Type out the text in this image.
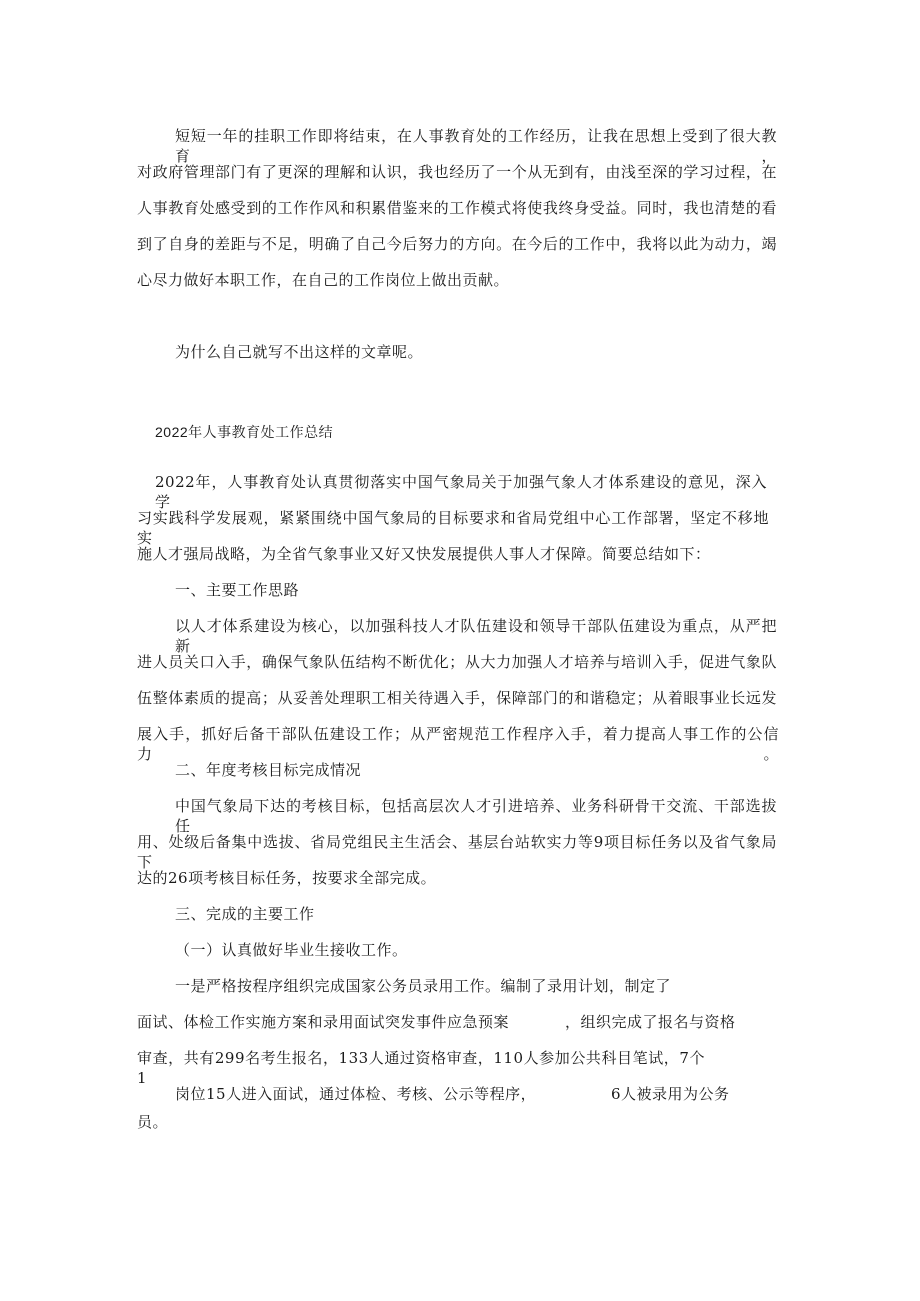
短短一年的挂职工作即将结束，在人事教育处的工作经历，让我在思想上受到了很大教育，
对政府管理部门有了更深的理解和认识，我也经历了一个从无到有，由浅至深的学习过程，在
人事教育处感受到的工作作风和积累借鉴来的工作模式将使我终身受益。同时，我也清楚的看
到了自身的差距与不足，明确了自己今后努力的方向。在今后的工作中，我将以此为动力，竭
心尽力做好本职工作，在自己的工作岗位上做出贡献。
为什么自己就写不出这样的文章呢。
2022年人事教育处工作总结
2022年，人事教育处认真贯彻落实中国气象局关于加强气象人才体系建设的意见，深入学
习实践科学发展观，紧紧围绕中国气象局的目标要求和省局党组中心工作部署，坚定不移地实
施人才强局战略，为全省气象事业又好又快发展提供人事人才保障。简要总结如下：
一、主要工作思路
以人才体系建设为核心，以加强科技人才队伍建设和领导干部队伍建设为重点，从严把新
进人员关口入手，确保气象队伍结构不断优化；从大力加强人才培养与培训入手，促进气象队
伍整体素质的提高；从妥善处理职工相关待遇入手，保障部门的和谐稳定；从着眼事业长远发
展入手，抓好后备干部队伍建设工作；从严密规范工作程序入手，着力提高人事工作的公信力。
二、年度考核目标完成情况
中国气象局下达的考核目标，包括高层次人才引进培养、业务科研骨干交流、干部选拔任
用、处级后备集中选拔、省局党组民主生活会、基层台站软实力等9项目标任务以及省气象局下
达的26项考核目标任务，按要求全部完成。
三、完成的主要工作
（一）认真做好毕业生接收工作。
一是严格按程序组织完成国家公务员录用工作。编制了录用计划，制定了
面试、体检工作实施方案和录用面试突发事件应急预案	，组织完成了报名与资格
审查，共有299名考生报名，133人通过资格审查，110人参加公共科目笔试，7个1
岗位15人进入面试，通过体检、考核、公示等程序，	6人被录用为公务
员。
